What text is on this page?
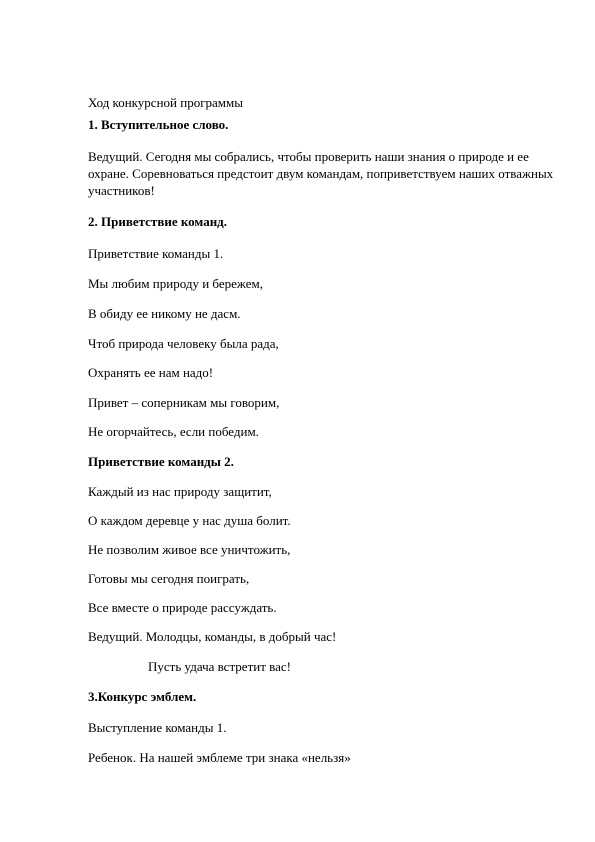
Ход конкурсной программы

1. Вступительное слово.

Ведущий. Сегодня мы собрались, чтобы проверить наши знания о природе и ее охране. Соревноваться предстоит двум командам, поприветствуем наших отважных участников!

2. Приветствие команд.

Приветствие команды 1.

Мы любим природу и бережем,

В обиду ее никому не дасм.

Чтоб природа человеку была рада,

Охранять ее нам надо!

Привет – соперникам мы говорим,

Не огорчайтесь, если победим.

Приветствие команды 2.

Каждый из нас природу защитит,

О каждом деревце у нас душа болит.

Не позволим живое все уничтожить,

Готовы мы сегодня поиграть,

Все вместе о природе рассуждать.

Ведущий. Молодцы, команды, в добрый час!

Пусть удача встретит вас!

3.Конкурс эмблем.

Выступление команды 1.

Ребенок. На нашей эмблеме три знака «нельзя»
